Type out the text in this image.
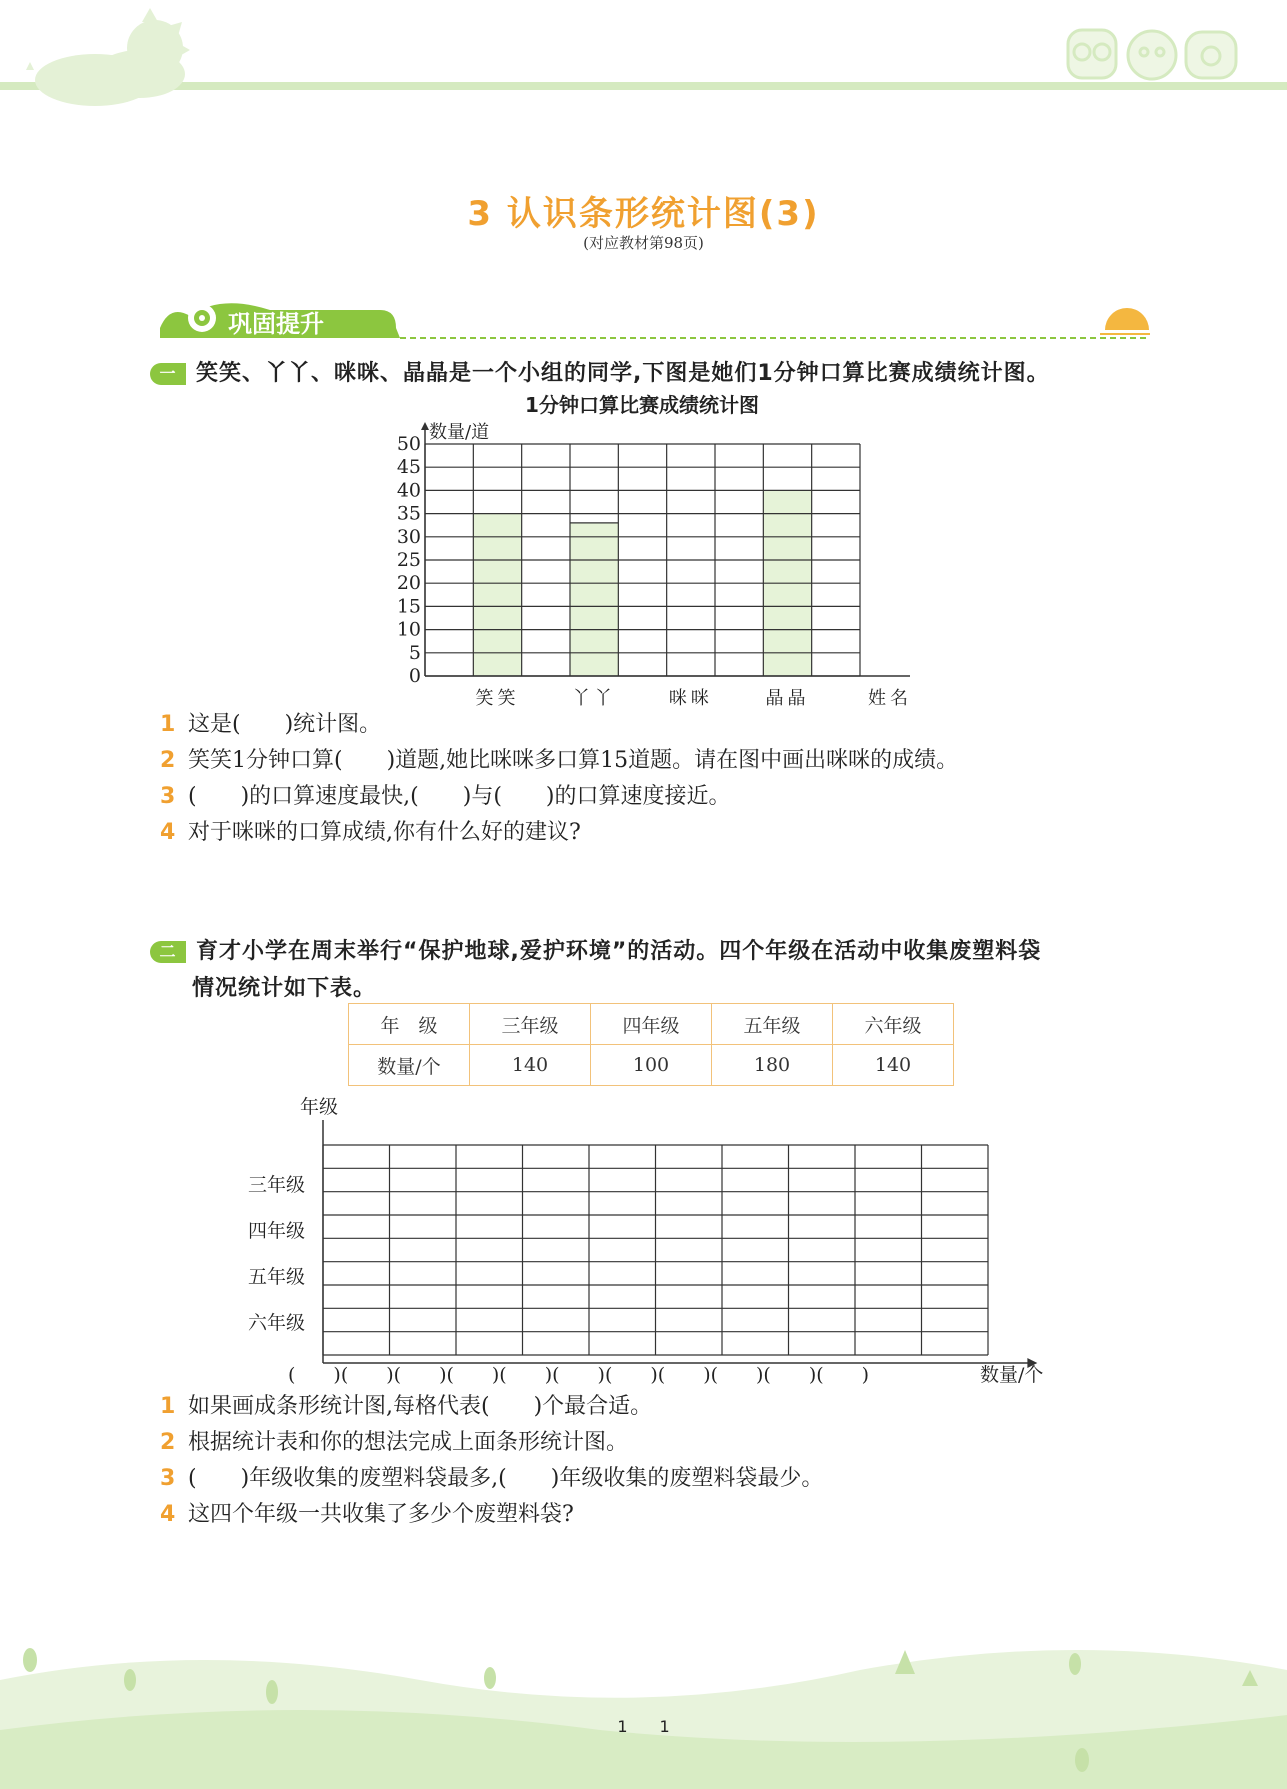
3 认识条形统计图(3)
(对应教材第98页)
巩固提升
一 笑笑、丫丫、咪咪、晶晶是一个小组的同学,下图是她们1分钟口算比赛成绩统计图。
1分钟口算比赛成绩统计图
0
5
10
15
20
25
30
35
40
45
50
数量/道
笑笑	丫丫	咪咪	晶晶	姓名
1 这是(　　)统计图。
2 笑笑1分钟口算(　　)道题,她比咪咪多口算15道题。请在图中画出咪咪的成绩。
3 (　　)的口算速度最快,(　　)与(　　)的口算速度接近。
4 对于咪咪的口算成绩,你有什么好的建议?
二 育才小学在周末举行“保护地球,爱护环境”的活动。四个年级在活动中收集废塑料袋
情况统计如下表。
年　级	三年级	四年级	五年级	六年级
数量/个	140	100	180	140
年级
三年级
四年级
五年级
六年级
(　　)(　　)(　　)(　　)(　　)(　　)(　　)(　　)(　　)(　　)(　　)	数量/个
1 如果画成条形统计图,每格代表(　　)个最合适。
2 根据统计表和你的想法完成上面条形统计图。
3 (　　)年级收集的废塑料袋最多,(　　)年级收集的废塑料袋最少。
4 这四个年级一共收集了多少个废塑料袋?
1　　1
